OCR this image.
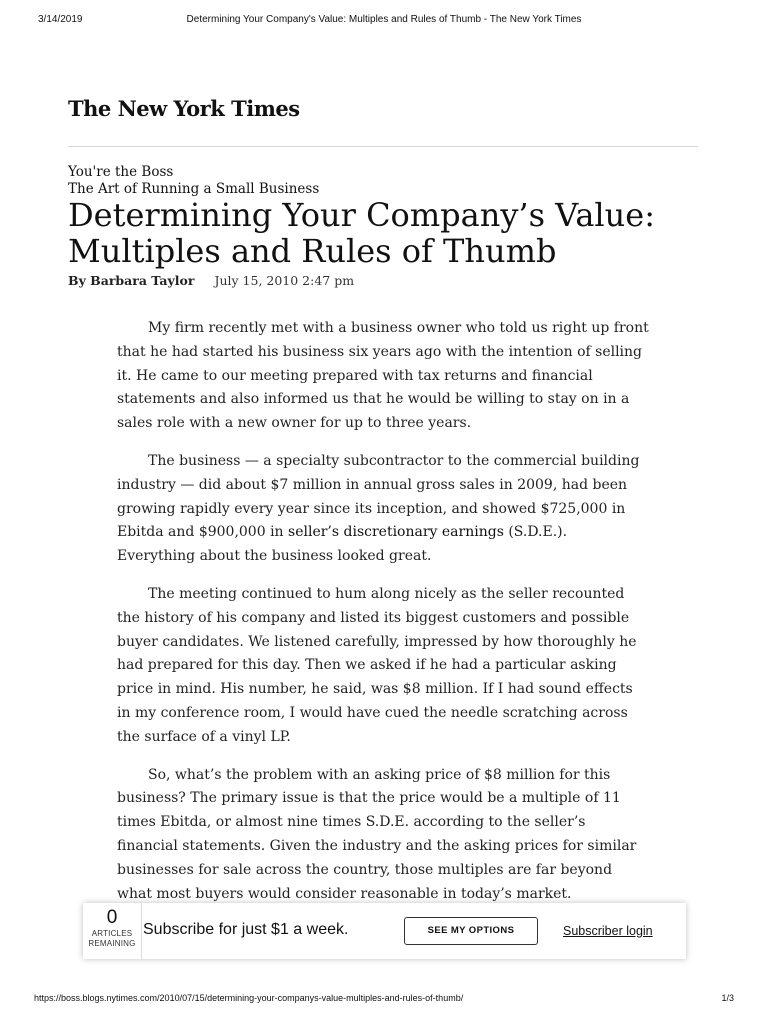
3/14/2019	Determining Your Company's Value: Multiples and Rules of Thumb - The New York Times
The New York Times
You're the Boss
The Art of Running a Small Business
Determining Your Company’s Value: Multiples and Rules of Thumb
By Barbara Taylor July 15, 2010 2:47 pm

My firm recently met with a business owner who told us right up front that he had started his business six years ago with the intention of selling it. He came to our meeting prepared with tax returns and financial statements and also informed us that he would be willing to stay on in a sales role with a new owner for up to three years.

The business — a specialty subcontractor to the commercial building industry — did about $7 million in annual gross sales in 2009, had been growing rapidly every year since its inception, and showed $725,000 in Ebitda and $900,000 in seller’s discretionary earnings (S.D.E.). Everything about the business looked great.

The meeting continued to hum along nicely as the seller recounted the history of his company and listed its biggest customers and possible buyer candidates. We listened carefully, impressed by how thoroughly he had prepared for this day. Then we asked if he had a particular asking price in mind. His number, he said, was $8 million. If I had sound effects in my conference room, I would have cued the needle scratching across the surface of a vinyl LP.

So, what’s the problem with an asking price of $8 million for this business? The primary issue is that the price would be a multiple of 11 times Ebitda, or almost nine times S.D.E. according to the seller’s financial statements. Given the industry and the asking prices for similar businesses for sale across the country, those multiples are far beyond what most buyers would consider reasonable in today’s market.

0
ARTICLES
REMAINING
Subscribe for just $1 a week.	SEE MY OPTIONS	Subscriber login
https://boss.blogs.nytimes.com/2010/07/15/determining-your-companys-value-multiples-and-rules-of-thumb/	1/3
